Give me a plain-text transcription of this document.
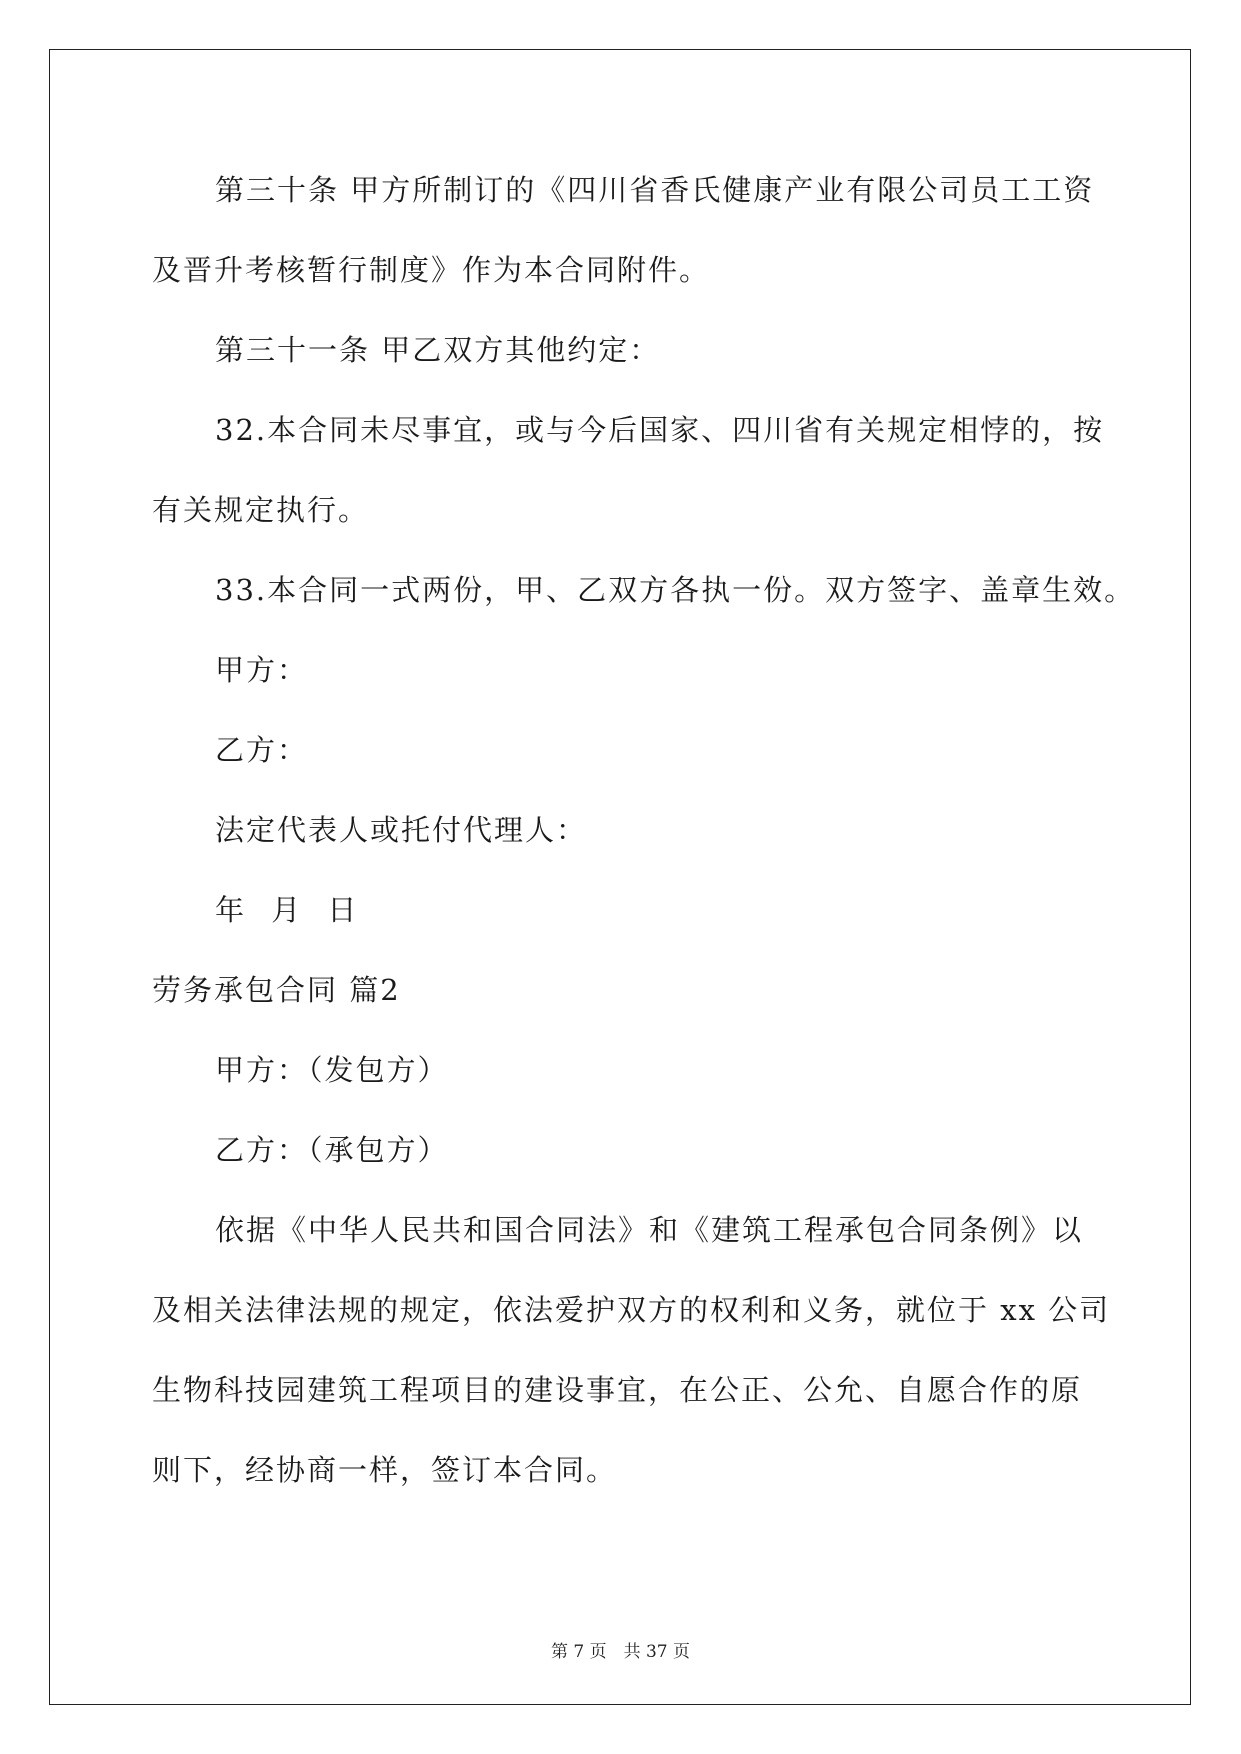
第三十条 甲方所制订的《四川省香氏健康产业有限公司员工工资
及晋升考核暂行制度》作为本合同附件。
第三十一条 甲乙双方其他约定：
32.本合同未尽事宜，或与今后国家、四川省有关规定相悖的，按
有关规定执行。
33.本合同一式两份，甲、乙双方各执一份。双方签字、盖章生效。
甲方：
乙方：
法定代表人或托付代理人：
年 月 日
劳务承包合同 篇2
甲方：（发包方）
乙方：（承包方）
依据《中华人民共和国合同法》和《建筑工程承包合同条例》以
及相关法律法规的规定，依法爱护双方的权利和义务，就位于 xx 公司
生物科技园建筑工程项目的建设事宜，在公正、公允、自愿合作的原
则下，经协商一样，签订本合同。
第 7 页　共 37 页
